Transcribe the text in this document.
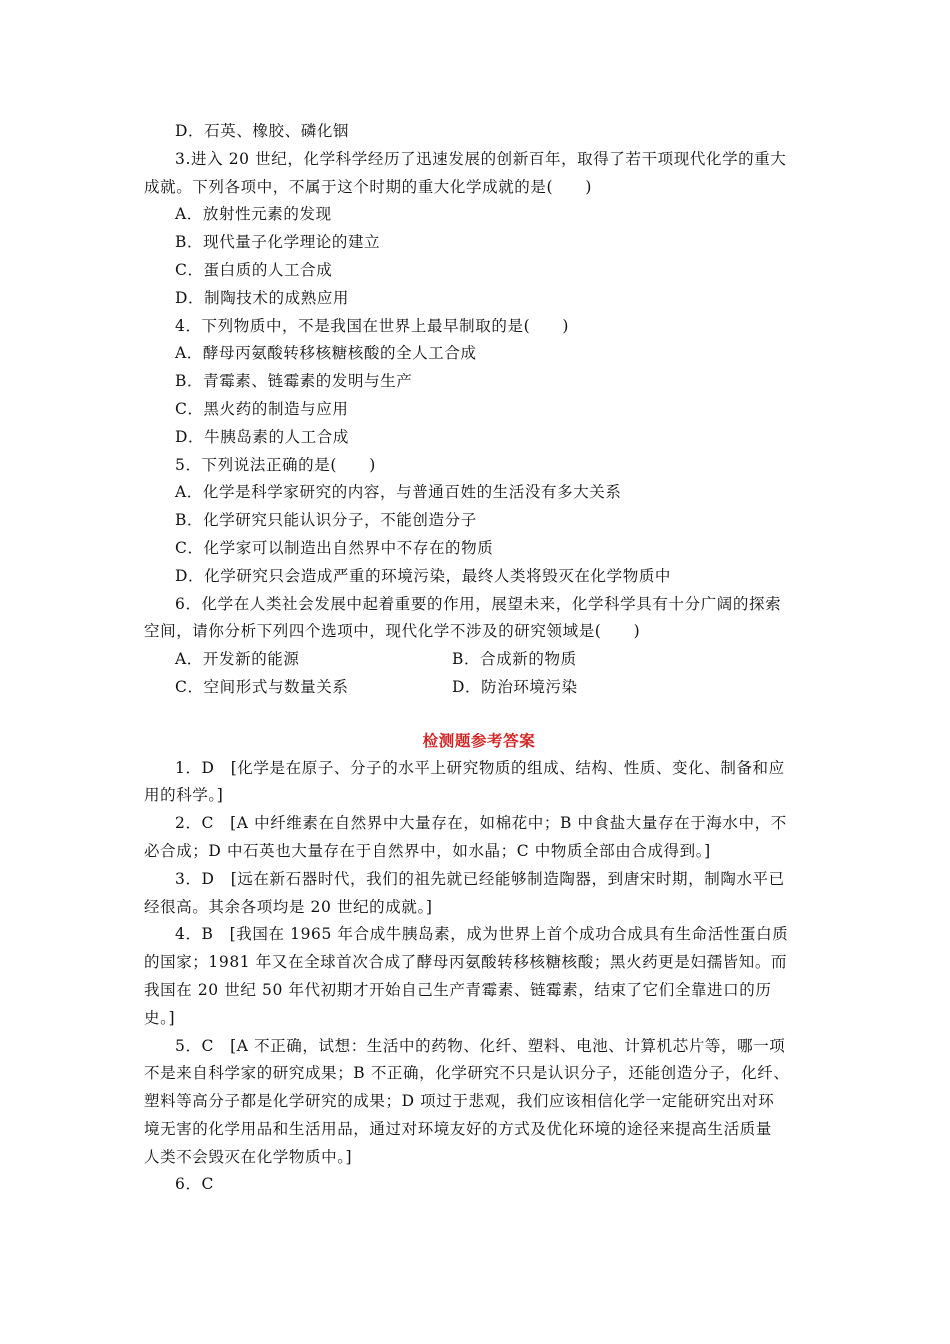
D．石英、橡胶、磷化铟
3.进入 20 世纪，化学科学经历了迅速发展的创新百年，取得了若干项现代化学的重大
成就。下列各项中，不属于这个时期的重大化学成就的是(　　)
A．放射性元素的发现
B．现代量子化学理论的建立
C．蛋白质的人工合成
D．制陶技术的成熟应用
4．下列物质中，不是我国在世界上最早制取的是(　　)
A．酵母丙氨酸转移核糖核酸的全人工合成
B．青霉素、链霉素的发明与生产
C．黑火药的制造与应用
D．牛胰岛素的人工合成
5．下列说法正确的是(　　)
A．化学是科学家研究的内容，与普通百姓的生活没有多大关系
B．化学研究只能认识分子，不能创造分子
C．化学家可以制造出自然界中不存在的物质
D．化学研究只会造成严重的环境污染，最终人类将毁灭在化学物质中
6．化学在人类社会发展中起着重要的作用，展望未来，化学科学具有十分广阔的探索
空间，请你分析下列四个选项中，现代化学不涉及的研究领域是(　　)
A．开发新的能源	B．合成新的物质
C．空间形式与数量关系	D．防治环境污染
检测题参考答案
1．D　[化学是在原子、分子的水平上研究物质的组成、结构、性质、变化、制备和应
用的科学。]
2．C　[A 中纤维素在自然界中大量存在，如棉花中；B 中食盐大量存在于海水中，不
必合成；D 中石英也大量存在于自然界中，如水晶；C 中物质全部由合成得到。]
3．D　[远在新石器时代，我们的祖先就已经能够制造陶器，到唐宋时期，制陶水平已
经很高。其余各项均是 20 世纪的成就。]
4．B　[我国在 1965 年合成牛胰岛素，成为世界上首个成功合成具有生命活性蛋白质
的国家；1981 年又在全球首次合成了酵母丙氨酸转移核糖核酸；黑火药更是妇孺皆知。而
我国在 20 世纪 50 年代初期才开始自己生产青霉素、链霉素，结束了它们全靠进口的历
史。]
5．C　[A 不正确，试想：生活中的药物、化纤、塑料、电池、计算机芯片等，哪一项
不是来自科学家的研究成果；B 不正确，化学研究不只是认识分子，还能创造分子，化纤、
塑料等高分子都是化学研究的成果；D 项过于悲观，我们应该相信化学一定能研究出对环
境无害的化学用品和生活用品，通过对环境友好的方式及优化环境的途径来提高生活质量
人类不会毁灭在化学物质中。]
6．C
